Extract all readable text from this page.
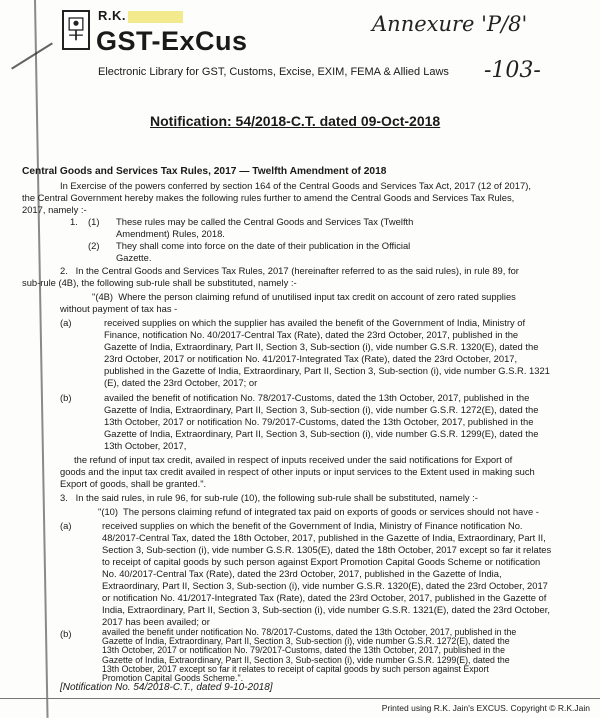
R.K.
GST-ExCus
Electronic Library for GST, Customs, Excise, EXIM, FEMA & Allied Laws
Annexure 'P/8'
-103-
Notification: 54/2018-C.T. dated 09-Oct-2018
Central Goods and Services Tax Rules, 2017 — Twelfth Amendment of 2018
In Exercise of the powers conferred by section 164 of the Central Goods and Services Tax Act, 2017 (12 of 2017),
the Central Government hereby makes the following rules further to amend the Central Goods and Services Tax Rules,
2017, namely :-
1. (1) These rules may be called the Central Goods and Services Tax (Twelfth
Amendment) Rules, 2018.
(2) They shall come into force on the date of their publication in the Official
Gazette.
2.   In the Central Goods and Services Tax Rules, 2017 (hereinafter referred to as the said rules), in rule 89, for
sub-rule (4B), the following sub-rule shall be substituted, namely :-
"(4B)  Where the person claiming refund of unutilised input tax credit on account of zero rated supplies
without payment of tax has -
(a)	received supplies on which the supplier has availed the benefit of the Government of India, Ministry of
Finance, notification No. 40/2017-Central Tax (Rate), dated the 23rd October, 2017, published in the
Gazette of India, Extraordinary, Part II, Section 3, Sub-section (i), vide number G.S.R. 1320(E), dated the
23rd October, 2017 or notification No. 41/2017-Integrated Tax (Rate), dated the 23rd October, 2017,
published in the Gazette of India, Extraordinary, Part II, Section 3, Sub-section (i), vide number G.S.R. 1321
(E), dated the 23rd October, 2017; or
(b)	availed the benefit of notification No. 78/2017-Customs, dated the 13th October, 2017, published in the
Gazette of India, Extraordinary, Part II, Section 3, Sub-section (i), vide number G.S.R. 1272(E), dated the
13th October, 2017 or notification No. 79/2017-Customs, dated the 13th October, 2017, published in the
Gazette of India, Extraordinary, Part II, Section 3, Sub-section (i), vide number G.S.R. 1299(E), dated the
13th October, 2017,
the refund of input tax credit, availed in respect of inputs received under the said notifications for Export of
goods and the input tax credit availed in respect of other inputs or input services to the Extent used in making such
Export of goods, shall be granted.".
3.   In the said rules, in rule 96, for sub-rule (10), the following sub-rule shall be substituted, namely :-
"(10)  The persons claiming refund of integrated tax paid on exports of goods or services should not have -
(a)	received supplies on which the benefit of the Government of India, Ministry of Finance notification No.
48/2017-Central Tax, dated the 18th October, 2017, published in the Gazette of India, Extraordinary, Part II,
Section 3, Sub-section (i), vide number G.S.R. 1305(E), dated the 18th October, 2017 except so far it relates
to receipt of capital goods by such person against Export Promotion Capital Goods Scheme or notification
No. 40/2017-Central Tax (Rate), dated the 23rd October, 2017, published in the Gazette of India,
Extraordinary, Part II, Section 3, Sub-section (i), vide number G.S.R. 1320(E), dated the 23rd October, 2017
or notification No. 41/2017-Integrated Tax (Rate), dated the 23rd October, 2017, published in the Gazette of
India, Extraordinary, Part II, Section 3, Sub-section (i), vide number G.S.R. 1321(E), dated the 23rd October,
2017 has been availed; or
(b)	availed the benefit under notification No. 78/2017-Customs, dated the 13th October, 2017, published in the
Gazette of India, Extraordinary, Part II, Section 3, Sub-section (i), vide number G.S.R. 1272(E), dated the
13th October, 2017 or notification No. 79/2017-Customs, dated the 13th October, 2017, published in the
Gazette of India, Extraordinary, Part II, Section 3, Sub-section (i), vide number G.S.R. 1299(E), dated the
[Notification No. 54/2018-C.T., dated 9-10-2018]
Printed using R.K. Jain's EXCUS. Copyright © R.K.Jain
13th October, 2017 except so far it relates to receipt of capital goods by such person against Export
Promotion Capital Goods Scheme.".
